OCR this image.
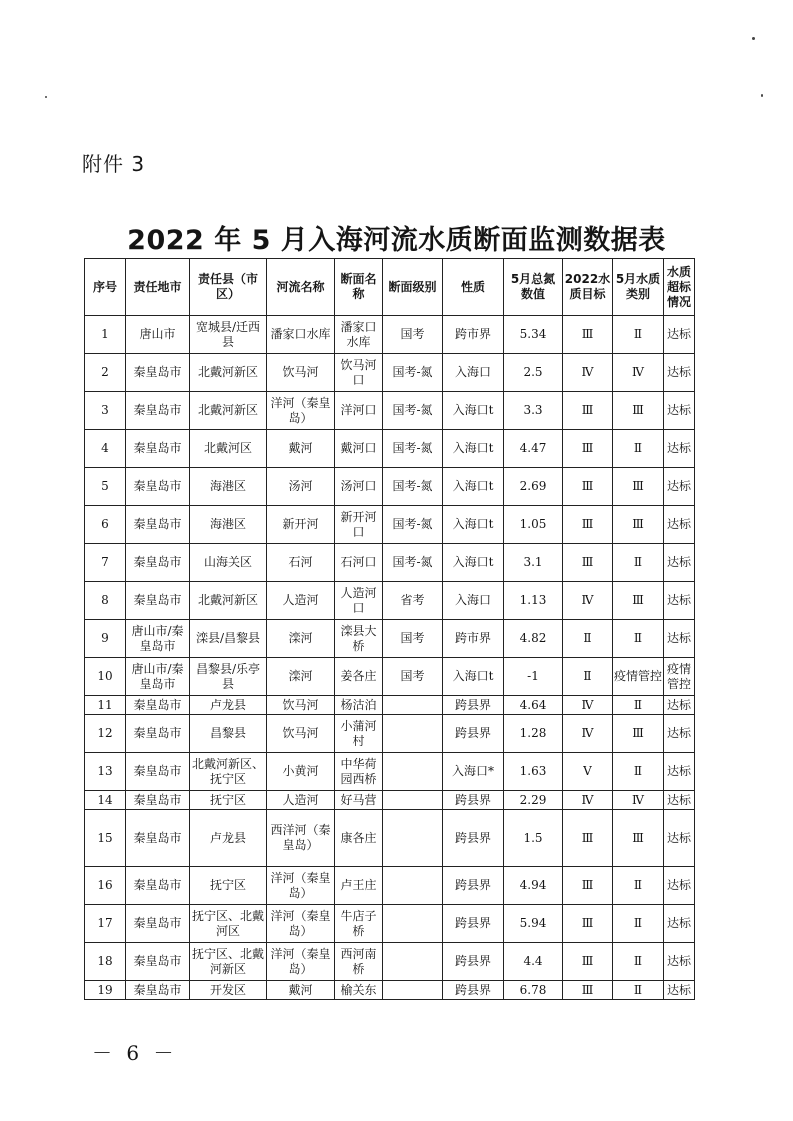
附件 3
2022 年 5 月入海河流水质断面监测数据表
序号	责任地市	责任县（市区）	河流名称	断面名称	断面级别	性质	5月总氮数值	2022水质目标	5月水质类别	水质超标情况
1	唐山市	宽城县/迁西县	潘家口水库	潘家口水库	国考	跨市界	5.34	Ⅲ	Ⅱ	达标
2	秦皇岛市	北戴河新区	饮马河	饮马河口	国考-氮	入海口	2.5	Ⅳ	Ⅳ	达标
3	秦皇岛市	北戴河新区	洋河（秦皇岛）	洋河口	国考-氮	入海口t	3.3	Ⅲ	Ⅲ	达标
4	秦皇岛市	北戴河区	戴河	戴河口	国考-氮	入海口t	4.47	Ⅲ	Ⅱ	达标
5	秦皇岛市	海港区	汤河	汤河口	国考-氮	入海口t	2.69	Ⅲ	Ⅲ	达标
6	秦皇岛市	海港区	新开河	新开河口	国考-氮	入海口t	1.05	Ⅲ	Ⅲ	达标
7	秦皇岛市	山海关区	石河	石河口	国考-氮	入海口t	3.1	Ⅲ	Ⅱ	达标
8	秦皇岛市	北戴河新区	人造河	人造河口	省考	入海口	1.13	Ⅳ	Ⅲ	达标
9	唐山市/秦皇岛市	滦县/昌黎县	滦河	滦县大桥	国考	跨市界	4.82	Ⅱ	Ⅱ	达标
10	唐山市/秦皇岛市	昌黎县/乐亭县	滦河	姜各庄	国考	入海口t	-1	Ⅱ	疫情管控	疫情管控
11	秦皇岛市	卢龙县	饮马河	杨沽泊		跨县界	4.64	Ⅳ	Ⅱ	达标
12	秦皇岛市	昌黎县	饮马河	小蒲河村		跨县界	1.28	Ⅳ	Ⅲ	达标
13	秦皇岛市	北戴河新区、抚宁区	小黄河	中华荷园西桥		入海口*	1.63	Ⅴ	Ⅱ	达标
14	秦皇岛市	抚宁区	人造河	好马营		跨县界	2.29	Ⅳ	Ⅳ	达标
15	秦皇岛市	卢龙县	西洋河（秦皇岛）	康各庄		跨县界	1.5	Ⅲ	Ⅲ	达标
16	秦皇岛市	抚宁区	洋河（秦皇岛）	卢王庄		跨县界	4.94	Ⅲ	Ⅱ	达标
17	秦皇岛市	抚宁区、北戴河区	洋河（秦皇岛）	牛店子桥		跨县界	5.94	Ⅲ	Ⅱ	达标
18	秦皇岛市	抚宁区、北戴河新区	洋河（秦皇岛）	西河南桥		跨县界	4.4	Ⅲ	Ⅱ	达标
19	秦皇岛市	开发区	戴河	榆关东		跨县界	6.78	Ⅲ	Ⅱ	达标
－ 6 －
